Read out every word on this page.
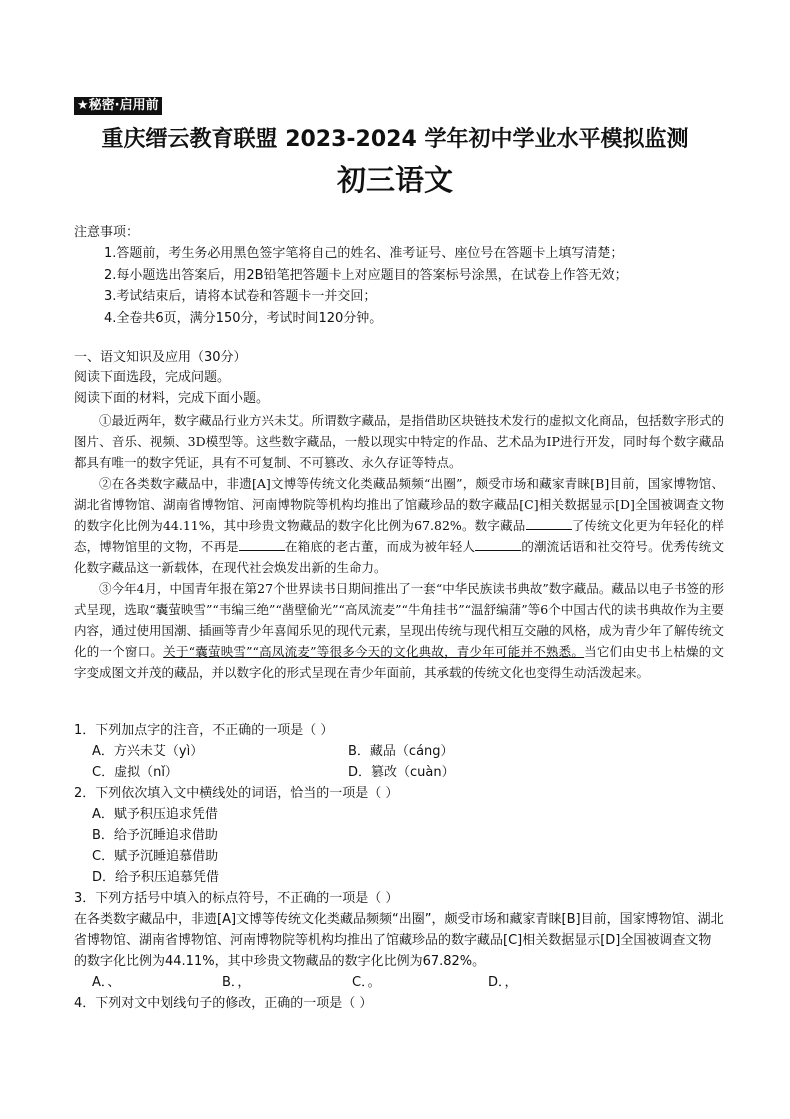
★秘密·启用前
重庆缙云教育联盟 2023-2024 学年初中学业水平模拟监测
初三语文
注意事项：
1.答题前，考生务必用黑色签字笔将自己的姓名、准考证号、座位号在答题卡上填写清楚；
2.每小题选出答案后，用2B铅笔把答题卡上对应题目的答案标号涂黑，在试卷上作答无效；
3.考试结束后，请将本试卷和答题卡一并交回；
4.全卷共6页，满分150分，考试时间120分钟。
一、语文知识及应用（30分）
阅读下面选段，完成问题。
阅读下面的材料，完成下面小题。

①最近两年，数字藏品行业方兴未艾。所谓数字藏品，是指借助区块链技术发行的虚拟文化商品，包括数字形式的图片、音乐、视频、3D模型等。这些数字藏品，一般以现实中特定的作品、艺术品为IP进行开发，同时每个数字藏品都具有唯一的数字凭证，具有不可复制、不可篡改、永久存证等特点。

②在各类数字藏品中，非遗[A]文博等传统文化类藏品频频“出圈”，颇受市场和藏家青睐[B]目前，国家博物馆、湖北省博物馆、湖南省博物馆、河南博物院等机构均推出了馆藏珍品的数字藏品[C]相关数据显示[D]全国被调查文物的数字化比例为44.11%，其中珍贵文物藏品的数字化比例为67.82%。数字藏品	了传统文化更为年轻化的样态，博物馆里的文物，不再是	在箱底的老古董，而成为被年轻人	的潮流话语和社交符号。优秀传统文化数字藏品这一新载体，在现代社会焕发出新的生命力。

③今年4月，中国青年报在第27个世界读书日期间推出了一套“中华民族读书典故”数字藏品。藏品以电子书签的形式呈现，选取“囊萤映雪”“韦编三绝”“凿壁偷光”“高凤流麦”“牛角挂书”“温舒编蒲”等6个中国古代的读书典故作为主要内容，通过使用国潮、插画等青少年喜闻乐见的现代元素，呈现出传统与现代相互交融的风格，成为青少年了解传统文化的一个窗口。关于“囊萤映雪”“高凤流麦”等很多今天的文化典故，青少年可能并不熟悉。当它们由史书上枯燥的文字变成图文并茂的藏品，并以数字化的形式呈现在青少年面前，其承载的传统文化也变得生动活泼起来。

1．下列加点字的注音，不正确的一项是（ ）
A．方兴未艾（yì）	B．藏品（cáng）
C．虚拟（nǐ）	D．篡改（cuàn）
2．下列依次填入文中横线处的词语，恰当的一项是（ ）
A．赋予积压追求凭借
B．给予沉睡追求借助
C．赋予沉睡追慕借助
D．给予积压追慕凭借
3．下列方括号中填入的标点符号，不正确的一项是（ ）
在各类数字藏品中，非遗[A]文博等传统文化类藏品频频“出圈”，颇受市场和藏家青睐[B]目前，国家博物馆、湖北省博物馆、湖南省博物馆、河南博物院等机构均推出了馆藏珍品的数字藏品[C]相关数据显示[D]全国被调查文物的数字化比例为44.11%，其中珍贵文物藏品的数字化比例为67.82%。
A．、	B．，	C．。	D．，
4．下列对文中划线句子的修改，正确的一项是（ ）
